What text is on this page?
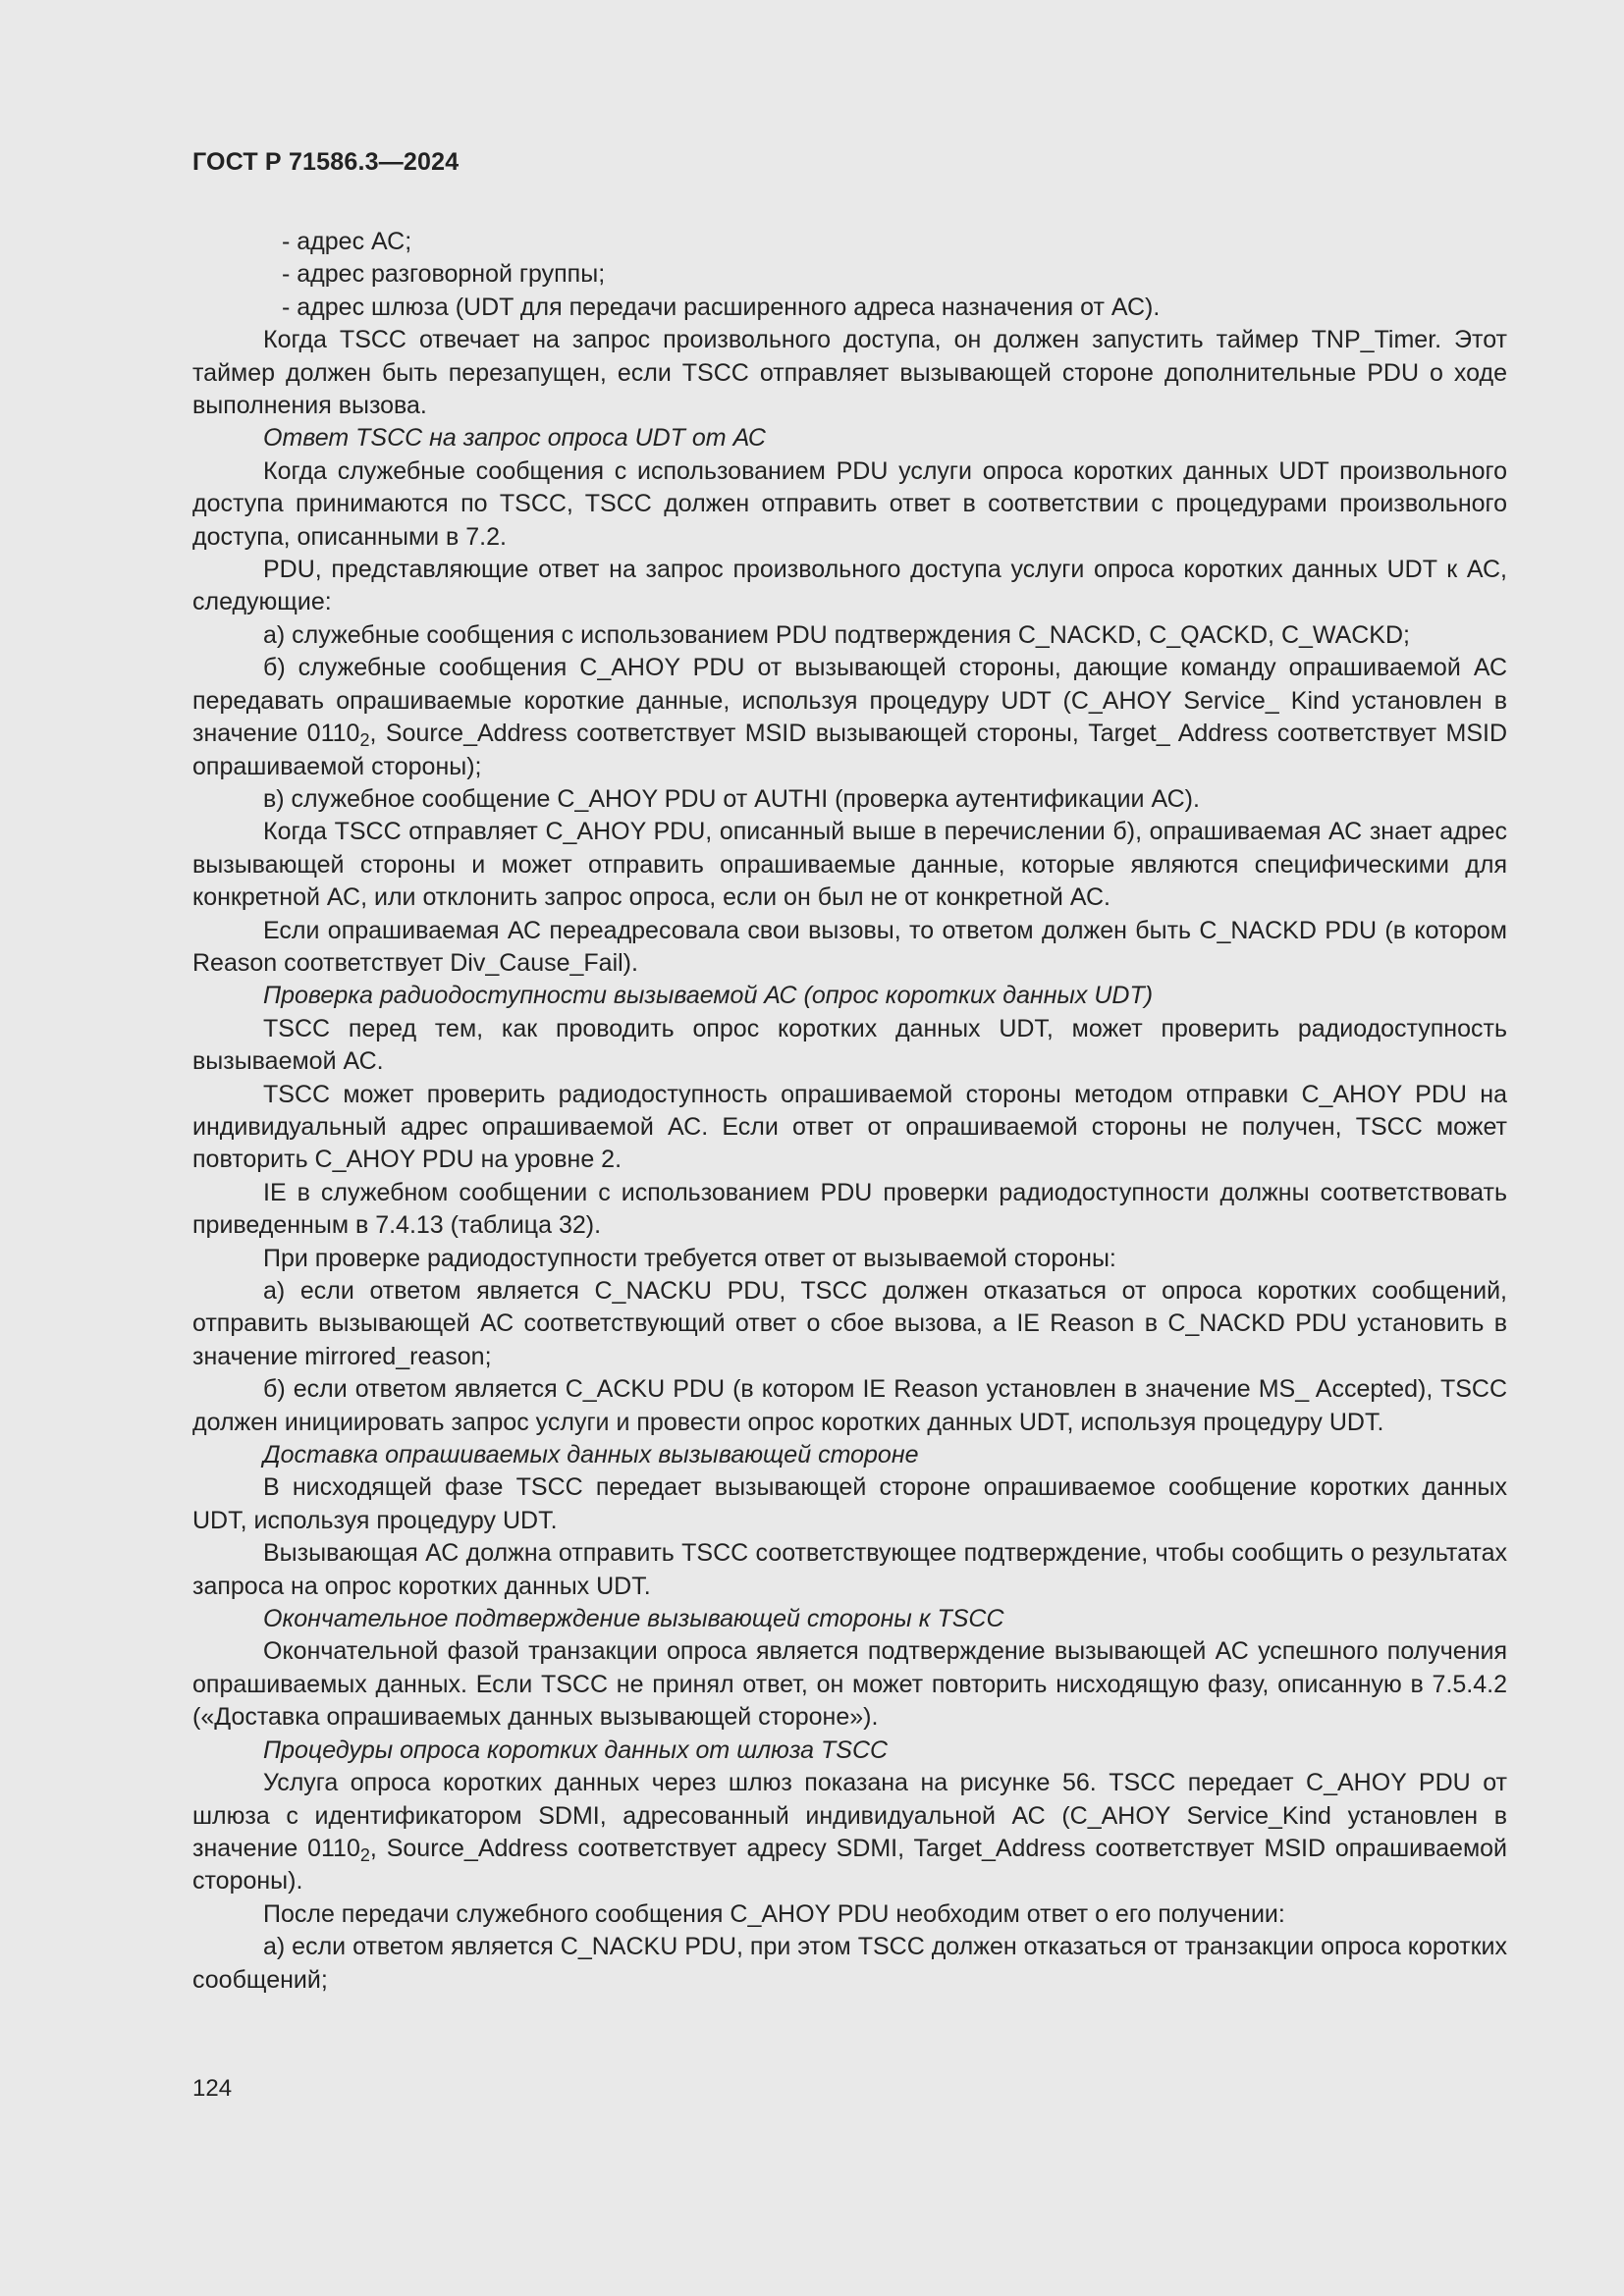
ГОСТ Р 71586.3—2024

- адрес АС;

- адрес разговорной группы;

- адрес шлюза (UDT для передачи расширенного адреса назначения от АС).

Когда TSCC отвечает на запрос произвольного доступа, он должен запустить таймер TNP_Timer. Этот таймер должен быть перезапущен, если TSCC отправляет вызывающей стороне дополнительные PDU о ходе выполнения вызова.

Ответ TSCC на запрос опроса UDT от АС

Когда служебные сообщения с использованием PDU услуги опроса коротких данных UDT произвольного доступа принимаются по TSCC, TSCC должен отправить ответ в соответствии с процедурами произвольного доступа, описанными в 7.2.

PDU, представляющие ответ на запрос произвольного доступа услуги опроса коротких данных UDT к АС, следующие:

а) служебные сообщения с использованием PDU подтверждения C_NACKD, C_QACKD, C_WACKD;

б) служебные сообщения C_AHOY PDU от вызывающей стороны, дающие команду опрашиваемой АС передавать опрашиваемые короткие данные, используя процедуру UDT (C_AHOY Service_ Kind установлен в значение $0110_2$, Source_Address соответствует MSID вызывающей стороны, Target_ Address соответствует MSID опрашиваемой стороны);

в) служебное сообщение C_AHOY PDU от AUTHI (проверка аутентификации АС).

Когда TSCC отправляет C_AHOY PDU, описанный выше в перечислении б), опрашиваемая АС знает адрес вызывающей стороны и может отправить опрашиваемые данные, которые являются специфическими для конкретной АС, или отклонить запрос опроса, если он был не от конкретной АС.

Если опрашиваемая АС переадресовала свои вызовы, то ответом должен быть C_NACKD PDU (в котором Reason соответствует Div_Cause_Fail).

Проверка радиодоступности вызываемой АС (опрос коротких данных UDT)

TSCC перед тем, как проводить опрос коротких данных UDT, может проверить радиодоступность вызываемой АС.

TSCC может проверить радиодоступность опрашиваемой стороны методом отправки C_AHOY PDU на индивидуальный адрес опрашиваемой АС. Если ответ от опрашиваемой стороны не получен, TSCC может повторить C_AHOY PDU на уровне 2.

IE в служебном сообщении с использованием PDU проверки радиодоступности должны соответствовать приведенным в 7.4.13 (таблица 32).

При проверке радиодоступности требуется ответ от вызываемой стороны:

а) если ответом является C_NACKU PDU, TSCC должен отказаться от опроса коротких сообщений, отправить вызывающей АС соответствующий ответ о сбое вызова, а IE Reason в C_NACKD PDU установить в значение mirrored_reason;

б) если ответом является C_ACKU PDU (в котором IE Reason установлен в значение MS_ Accepted), TSCC должен инициировать запрос услуги и провести опрос коротких данных UDT, используя процедуру UDT.

Доставка опрашиваемых данных вызывающей стороне

В нисходящей фазе TSCC передает вызывающей стороне опрашиваемое сообщение коротких данных UDT, используя процедуру UDT.

Вызывающая АС должна отправить TSCC соответствующее подтверждение, чтобы сообщить о результатах запроса на опрос коротких данных UDT.

Окончательное подтверждение вызывающей стороны к TSCC

Окончательной фазой транзакции опроса является подтверждение вызывающей АС успешного получения опрашиваемых данных. Если TSCC не принял ответ, он может повторить нисходящую фазу, описанную в 7.5.4.2 («Доставка опрашиваемых данных вызывающей стороне»).

Процедуры опроса коротких данных от шлюза TSCC

Услуга опроса коротких данных через шлюз показана на рисунке 56. TSCC передает C_AHOY PDU от шлюза с идентификатором SDMI, адресованный индивидуальной АС (C_AHOY Service_Kind установлен в значение $0110_2$, Source_Address соответствует адресу SDMI, Target_Address соответствует MSID опрашиваемой стороны).

После передачи служебного сообщения C_AHOY PDU необходим ответ о его получении:

а) если ответом является C_NACKU PDU, при этом TSCC должен отказаться от транзакции опроса коротких сообщений;

124
